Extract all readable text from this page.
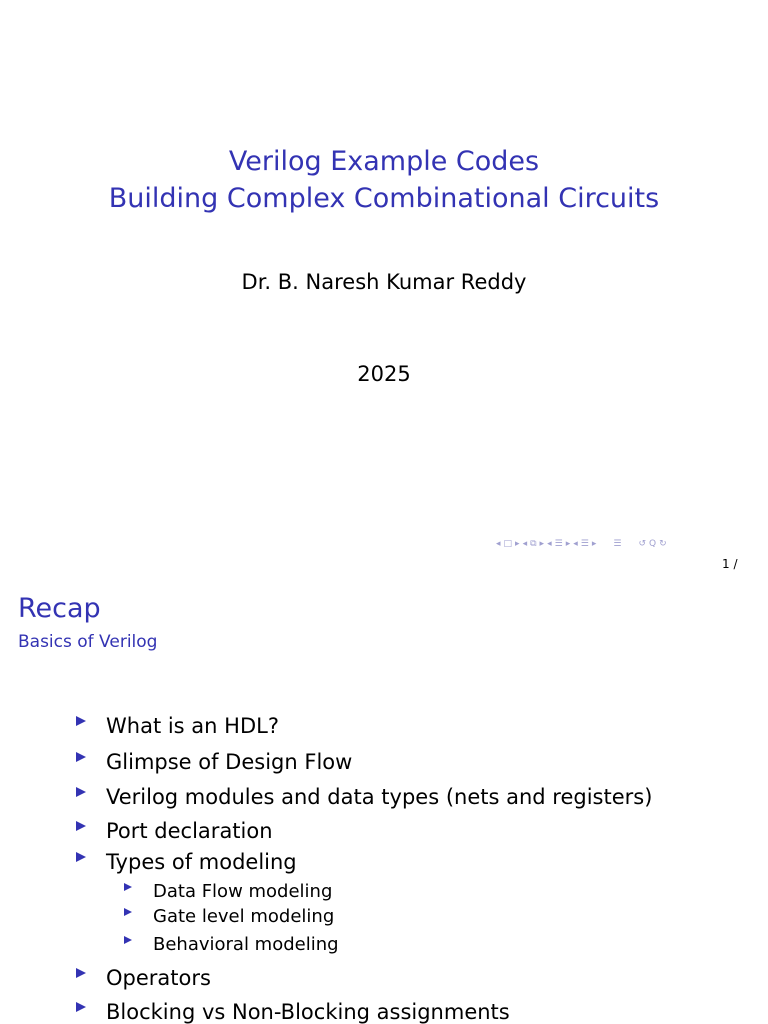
Verilog Example Codes
Building Complex Combinational Circuits
Dr. B. Naresh Kumar Reddy
2025
◂ □ ▸ ◂ ⧉ ▸ ◂ ☰ ▸ ◂ ☰ ▸ ☰ ↺ Q ↻
1 /
Recap
Basics of Verilog
What is an HDL?
Glimpse of Design Flow
Verilog modules and data types (nets and registers)
Port declaration
Types of modeling
Data Flow modeling
Gate level modeling
Behavioral modeling
Operators
Blocking vs Non-Blocking assignments
